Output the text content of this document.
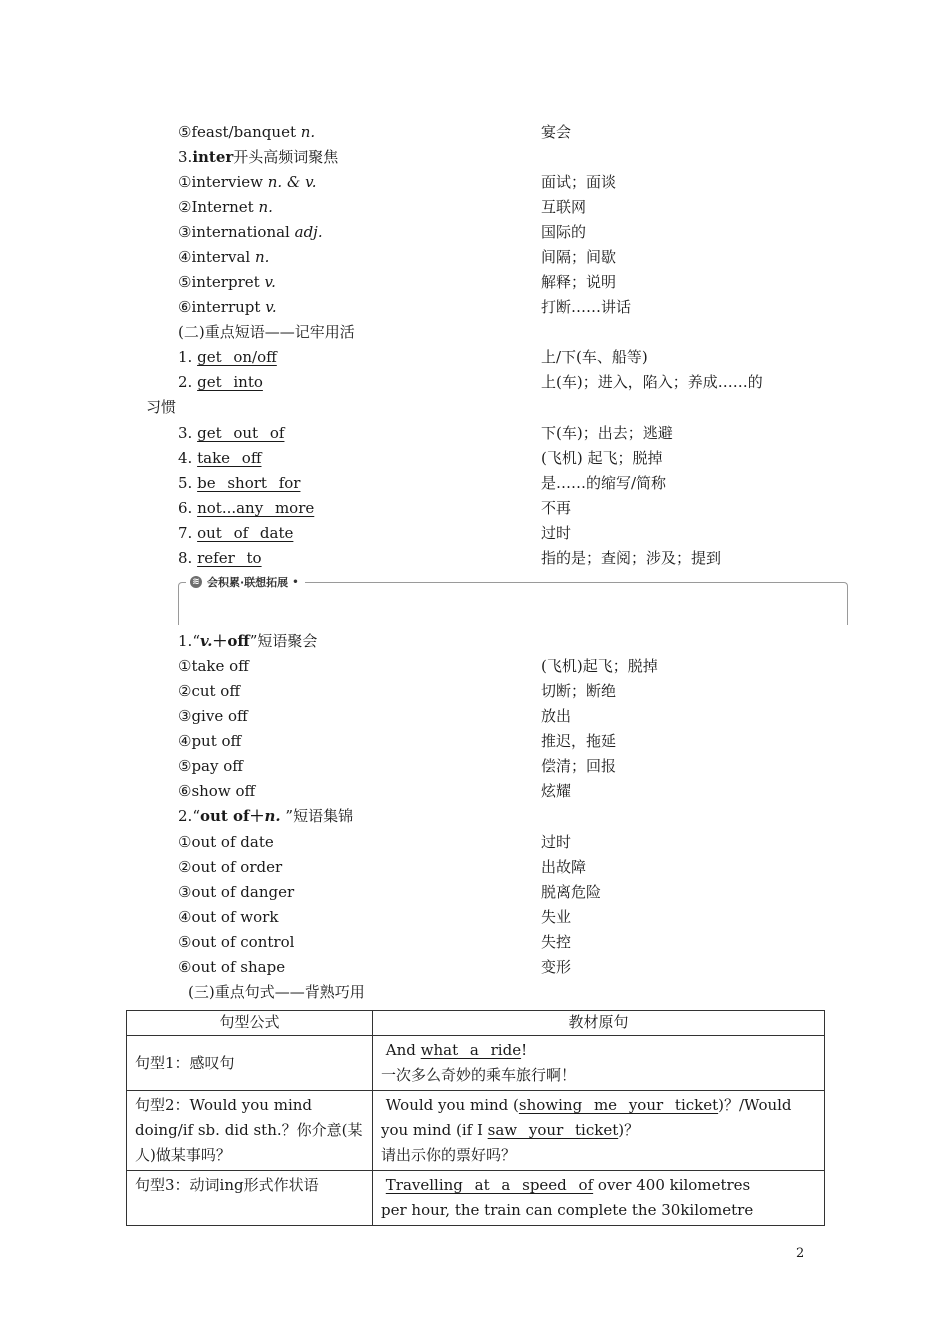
⑤feast/banquet n.	宴会
3.inter开头高频词聚焦
①interview n. & v.	面试；面谈
②Internet n.	互联网
③international adj.	国际的
④interval n.	间隔；间歇
⑤interpret v.	解释；说明
⑥interrupt v.	打断……讲话
(二)重点短语——记牢用活
1. get on/off	上/下(车、船等)
2. get into	上(车)；进入，陷入；养成……的
习惯
3. get out of	下(车)；出去；逃避
4. take off	(飞机) 起飞；脱掉
5. be short for	是……的缩写/简称
6. not...any more	不再
7. out of date	过时
8. refer to	指的是；查阅；涉及；提到
≋ 会积累·联想拓展 •
1.“v.＋off”短语聚会
①take off	(飞机)起飞；脱掉
②cut off	切断；断绝
③give off	放出
④put off	推迟，拖延
⑤pay off	偿清；回报
⑥show off	炫耀
2.“out of＋n. ”短语集锦
①out of date	过时
②out of order	出故障
③out of danger	脱离危险
④out of work	失业
⑤out of control	失控
⑥out of shape	变形
(三)重点句式——背熟巧用
句型公式	教材原句
句型1：感叹句	And what a ride!
一次多么奇妙的乘车旅行啊！

句型2：Would you mind doing/if sb. did sth.？你介意(某人)做某事吗？	Would you mind (showing me your ticket)？/Would
you mind (if I saw your ticket)？
请出示你的票好吗？

句型3：动词ing形式作状语	Travelling at a speed of over 400 kilometres
per hour, the train can complete the 30kilometre
2
